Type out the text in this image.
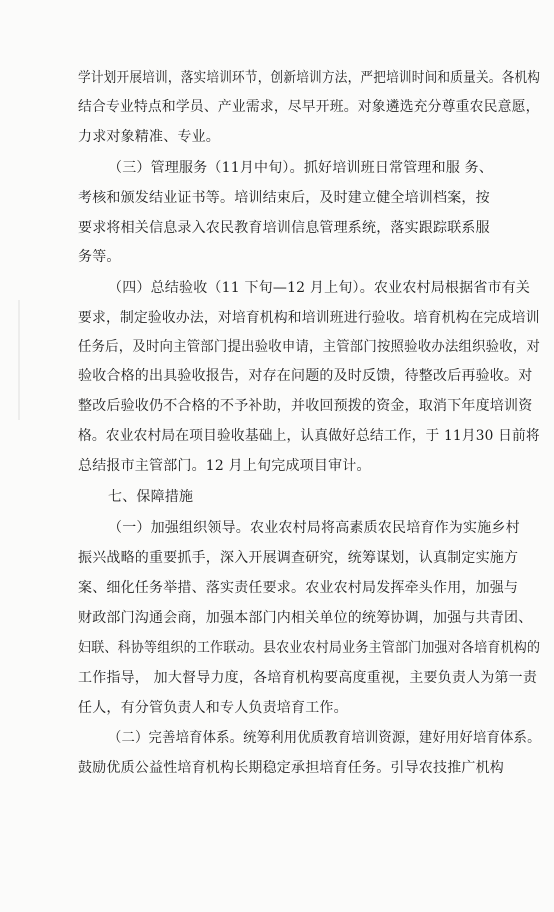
学计划开展培训，落实培训环节，创新培训方法，严把培训时间和质量关。各机构
结合专业特点和学员、产业需求，尽早开班。对象遴选充分尊重农民意愿，
力求对象精准、专业。
（三）管理服务（11月中旬）。抓好培训班日常管理和服 务、
考核和颁发结业证书等。培训结束后，及时建立健全培训档案，按
要求将相关信息录入农民教育培训信息管理系统，落实跟踪联系服
务等。
（四）总结验收（11 下旬—12 月上旬）。农业农村局根据省市有关
要求，制定验收办法，对培育机构和培训班进行验收。培育机构在完成培训
任务后，及时向主管部门提出验收申请，主管部门按照验收办法组织验收，对
验收合格的出具验收报告，对存在问题的及时反馈，待整改后再验收。对
整改后验收仍不合格的不予补助，并收回预拨的资金，取消下年度培训资
格。农业农村局在项目验收基础上，认真做好总结工作，于 11月30 日前将
总结报市主管部门。12 月上旬完成项目审计。
七、保障措施
（一）加强组织领导。农业农村局将高素质农民培育作为实施乡村
振兴战略的重要抓手，深入开展调查研究，统筹谋划，认真制定实施方
案、细化任务举措、落实责任要求。农业农村局发挥牵头作用，加强与
财政部门沟通会商，加强本部门内相关单位的统筹协调，加强与共青团、
妇联、科协等组织的工作联动。县农业农村局业务主管部门加强对各培育机构的
工作指导， 加大督导力度，各培育机构要高度重视，主要负责人为第一责
任人，有分管负责人和专人负责培育工作。
（二）完善培育体系。统筹利用优质教育培训资源，建好用好培育体系。
鼓励优质公益性培育机构长期稳定承担培育任务。引导农技推广机构
